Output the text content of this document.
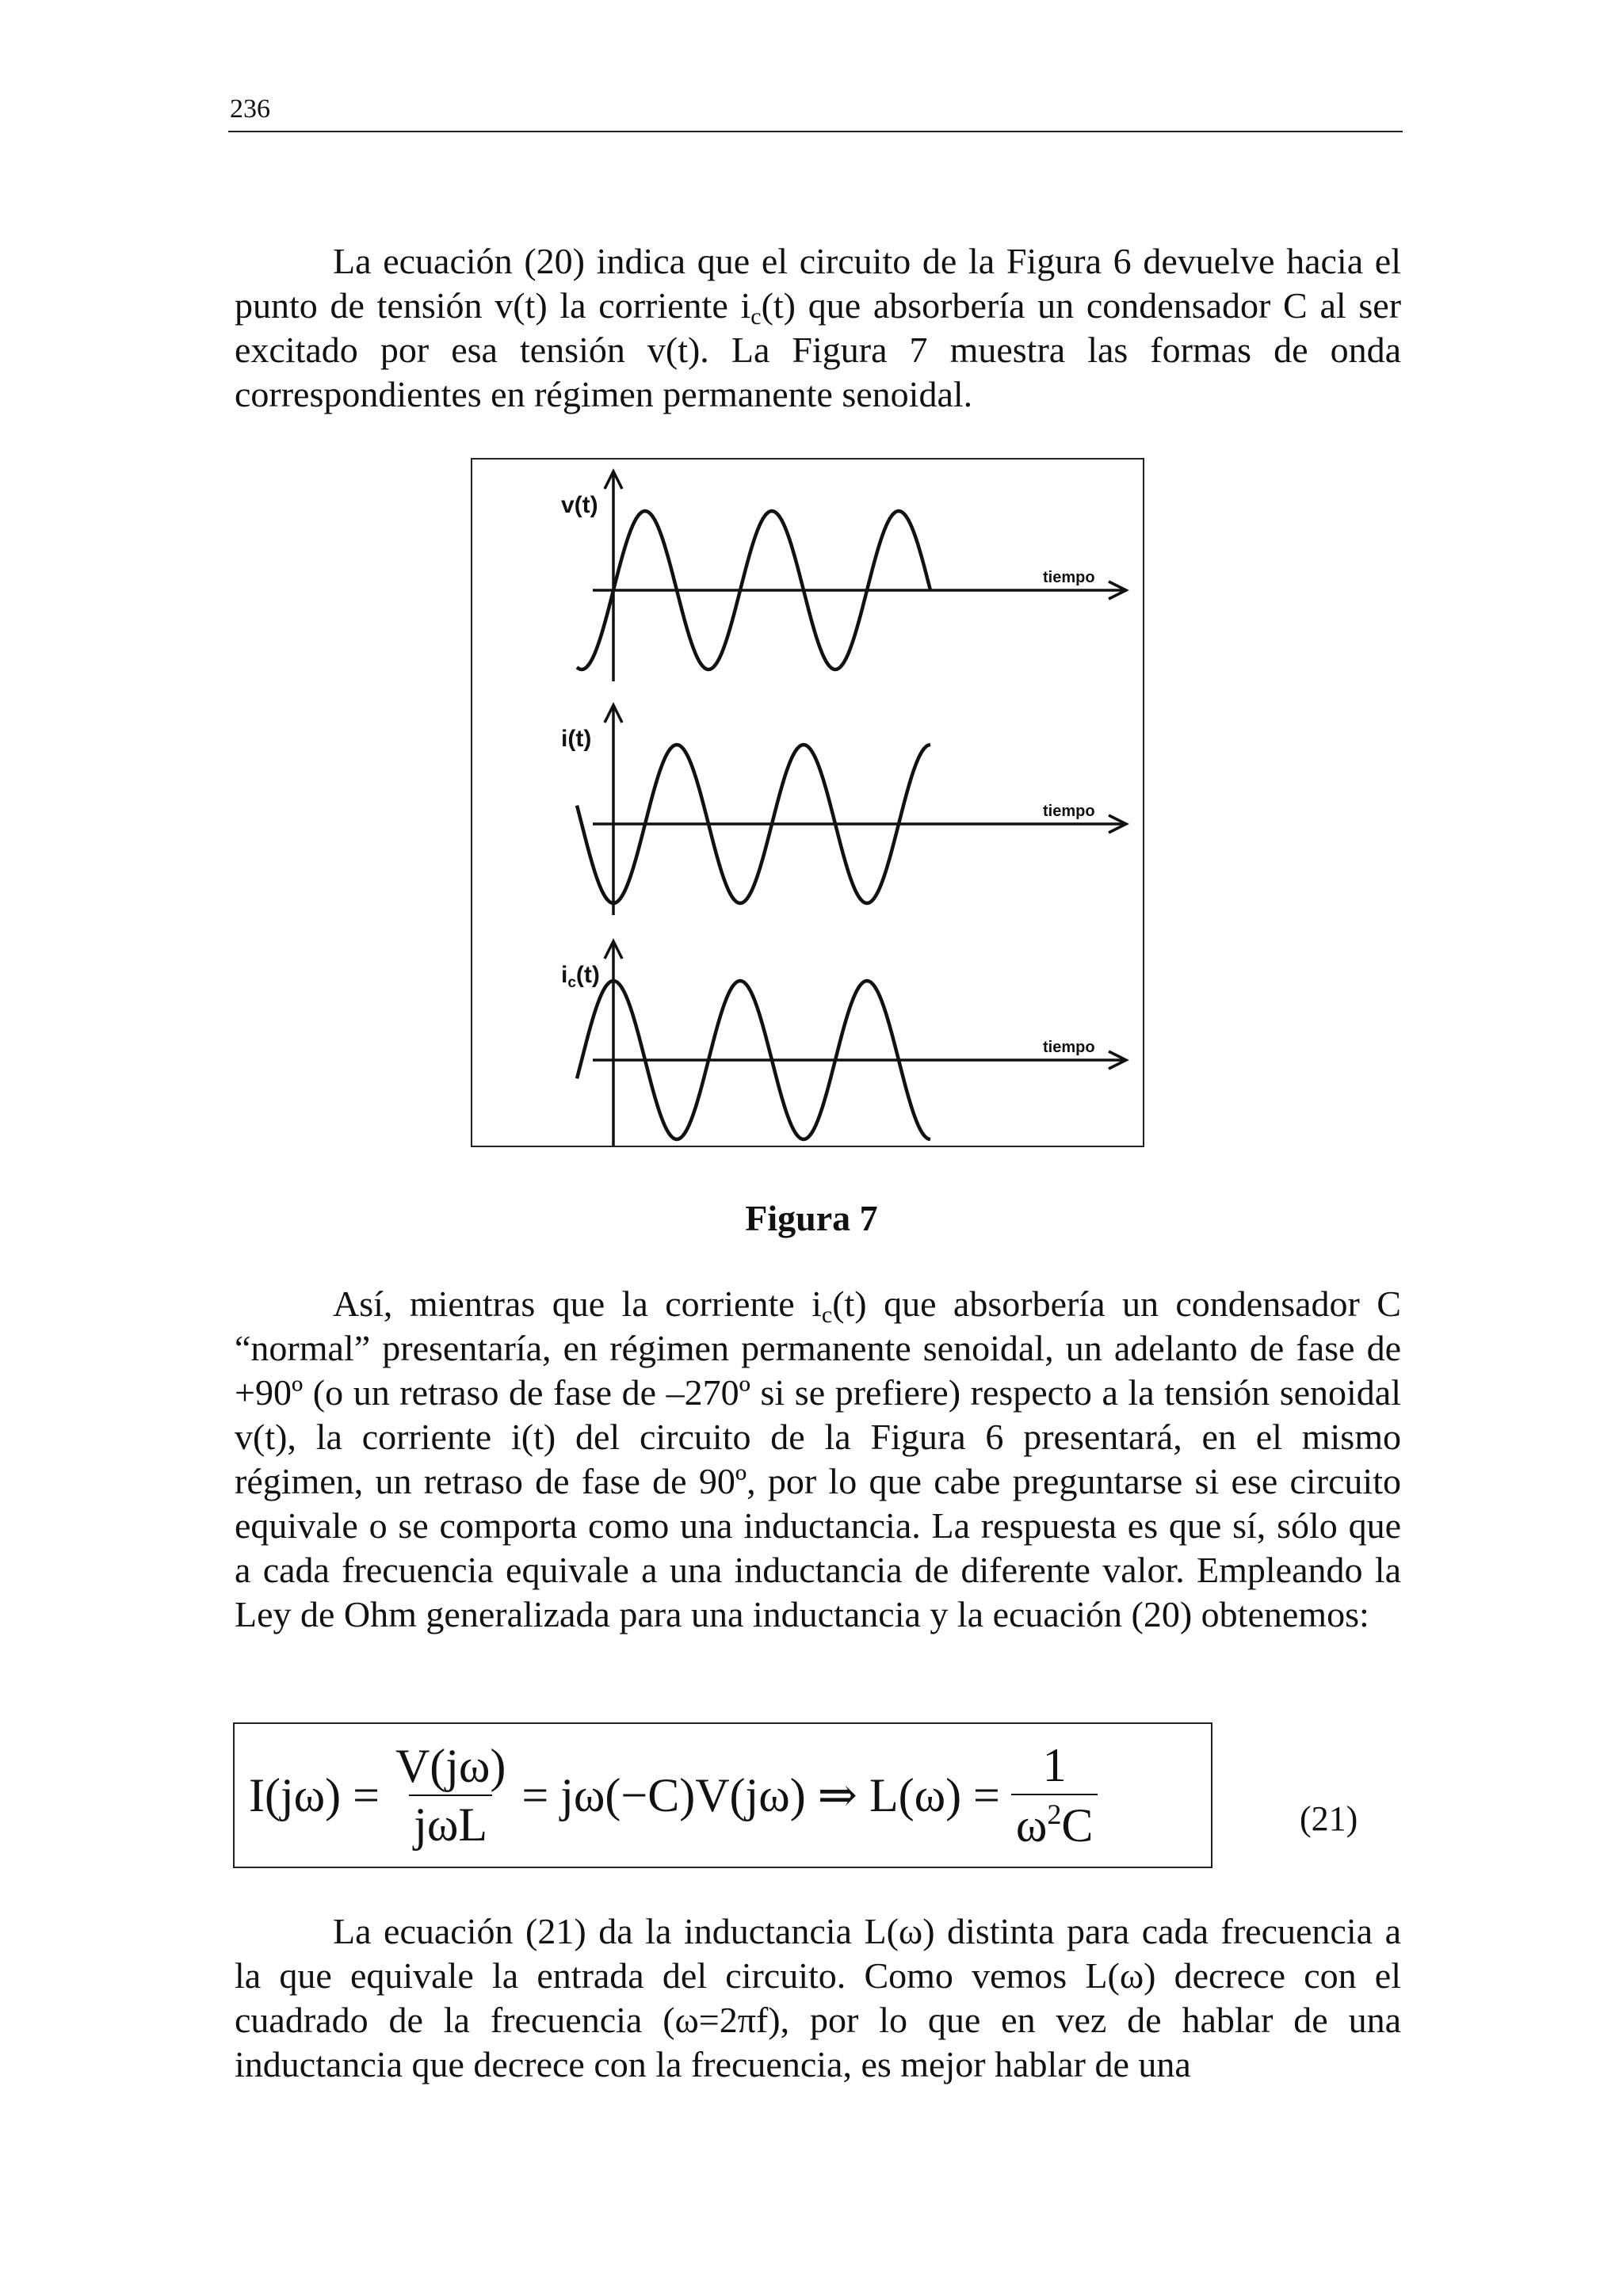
236

La ecuación (20) indica que el circuito de la Figura 6 devuelve hacia el punto de tensión v(t) la corriente $i_c(t)$ que absorbería un condensador C al ser excitado por esa tensión v(t). La Figura 7 muestra las formas de onda correspondientes en régimen permanente senoidal.

v(t)
tiempo
i(t)
tiempo
$i_c(t)$
tiempo
Figura 7

Así, mientras que la corriente $i_c(t)$ que absorbería un condensador C “normal” presentaría, en régimen permanente senoidal, un adelanto de fase de +90º (o un retraso de fase de –270º si se prefiere) respecto a la tensión senoidal v(t), la corriente i(t) del circuito de la Figura 6 presentará, en el mismo régimen, un retraso de fase de 90º, por lo que cabe preguntarse si ese circuito equivale o se comporta como una inductancia. La respuesta es que sí, sólo que a cada frecuencia equivale a una inductancia de diferente valor. Empleando la Ley de Ohm generalizada para una inductancia y la ecuación (20) obtenemos:

$I(j\omega) = \frac{V(j\omega)}{\text{jωL}} = j\omega(-C)V(j\omega)$ ⇒ $L(\omega) = \frac{1}{\omega^2C}$	(21)

La ecuación (21) da la inductancia L(ω) distinta para cada frecuencia a la que equivale la entrada del circuito. Como vemos L(ω) decrece con el cuadrado de la frecuencia (ω=2πf), por lo que en vez de hablar de una inductancia que decrece con la frecuencia, es mejor hablar de una
